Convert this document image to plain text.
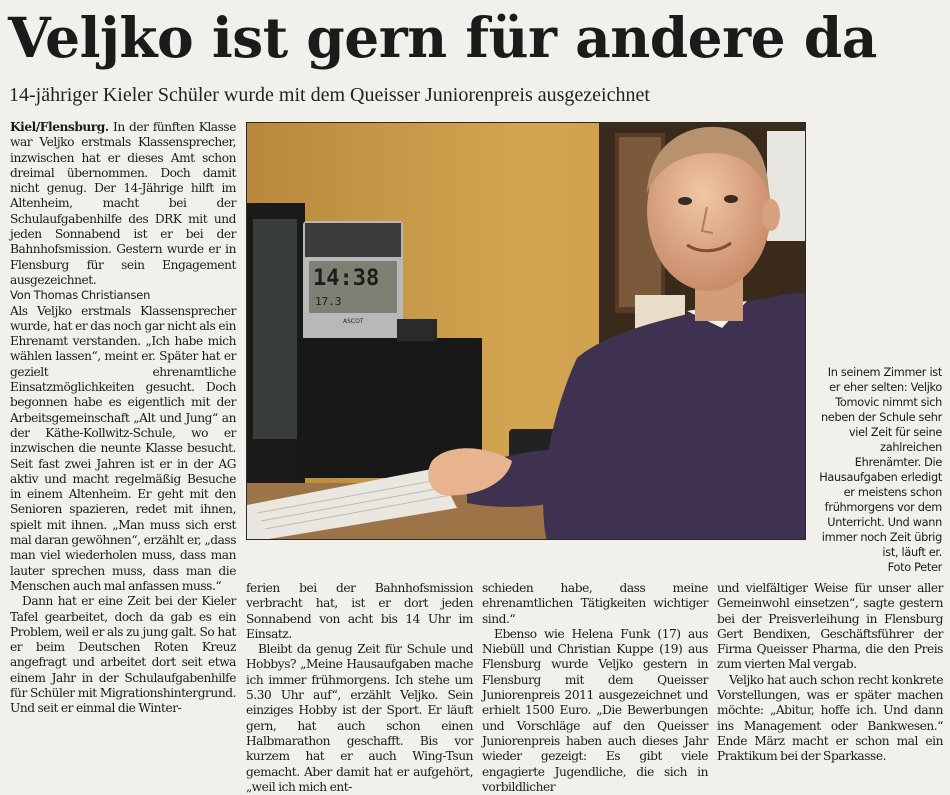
Veljko ist gern für andere da
14-jähriger Kieler Schüler wurde mit dem Queisser Juniorenpreis ausgezeichnet

Kiel/Flensburg. In der fünften Klasse war Veljko erstmals Klassensprecher, inzwischen hat er dieses Amt schon dreimal übernommen. Doch damit nicht genug. Der 14-Jährige hilft im Altenheim, macht bei der Schulaufgabenhilfe des DRK mit und jeden Sonnabend ist er bei der Bahnhofsmission. Gestern wurde er in Flensburg für sein Engagement ausgezeichnet.

Von Thomas Christiansen

Als Veljko erstmals Klassensprecher wurde, hat er das noch gar nicht als ein Ehrenamt verstanden. „Ich habe mich wählen lassen“, meint er. Später hat er gezielt ehrenamtliche Einsatzmöglichkeiten gesucht. Doch begonnen habe es eigentlich mit der Arbeitsgemeinschaft „Alt und Jung“ an der Käthe-Kollwitz-Schule, wo er inzwischen die neunte Klasse besucht. Seit fast zwei Jahren ist er in der AG aktiv und macht regelmäßig Besuche in einem Altenheim. Er geht mit den Senioren spazieren, redet mit ihnen, spielt mit ihnen. „Man muss sich erst mal daran gewöhnen“, erzählt er, „dass man viel wiederholen muss, dass man lauter sprechen muss, dass man die Menschen auch mal anfassen muss.“

Dann hat er eine Zeit bei der Kieler Tafel gearbeitet, doch da gab es ein Problem, weil er als zu jung galt. So hat er beim Deutschen Roten Kreuz angefragt und arbeitet dort seit etwa einem Jahr in der Schulaufgabenhilfe für Schüler mit Migrationshintergrund. Und seit er einmal die Winter-

ferien bei der Bahnhofsmission verbracht hat, ist er dort jeden Sonnabend von acht bis 14 Uhr im Einsatz.

Bleibt da genug Zeit für Schule und Hobbys? „Meine Hausaufgaben mache ich immer frühmorgens. Ich stehe um 5.30 Uhr auf“, erzählt Veljko. Sein einziges Hobby ist der Sport. Er läuft gern, hat auch schon einen Halbmarathon geschafft. Bis vor kurzem hat er auch Wing-Tsun gemacht. Aber damit hat er aufgehört, „weil ich mich ent-

schieden habe, dass meine ehrenamtlichen Tätigkeiten wichtiger sind.“

Ebenso wie Helena Funk (17) aus Niebüll und Christian Kuppe (19) aus Flensburg wurde Veljko gestern in Flensburg mit dem Queisser Juniorenpreis 2011 ausgezeichnet und erhielt 1500 Euro. „Die Bewerbungen und Vorschläge auf den Queisser Juniorenpreis haben auch dieses Jahr wieder gezeigt: Es gibt viele engagierte Jugendliche, die sich in vorbildlicher

und vielfältiger Weise für unser aller Gemeinwohl einsetzen“, sagte gestern bei der Preisverleihung in Flensburg Gert Bendixen, Geschäftsführer der Firma Queisser Pharma, die den Preis zum vierten Mal vergab.

Veljko hat auch schon recht konkrete Vorstellungen, was er später machen möchte: „Abitur, hoffe ich. Und dann ins Management oder Bankwesen.“ Ende März macht er schon mal ein Praktikum bei der Sparkasse.

14:38
17.3
ASCOT
In seinem Zimmer ist er eher selten: Veljko Tomovic nimmt sich neben der Schule sehr viel Zeit für seine zahlreichen Ehrenämter. Die Hausaufgaben erledigt er meistens schon frühmorgens vor dem Unterricht. Und wann immer noch Zeit übrig ist, läuft er.
Foto Peter
